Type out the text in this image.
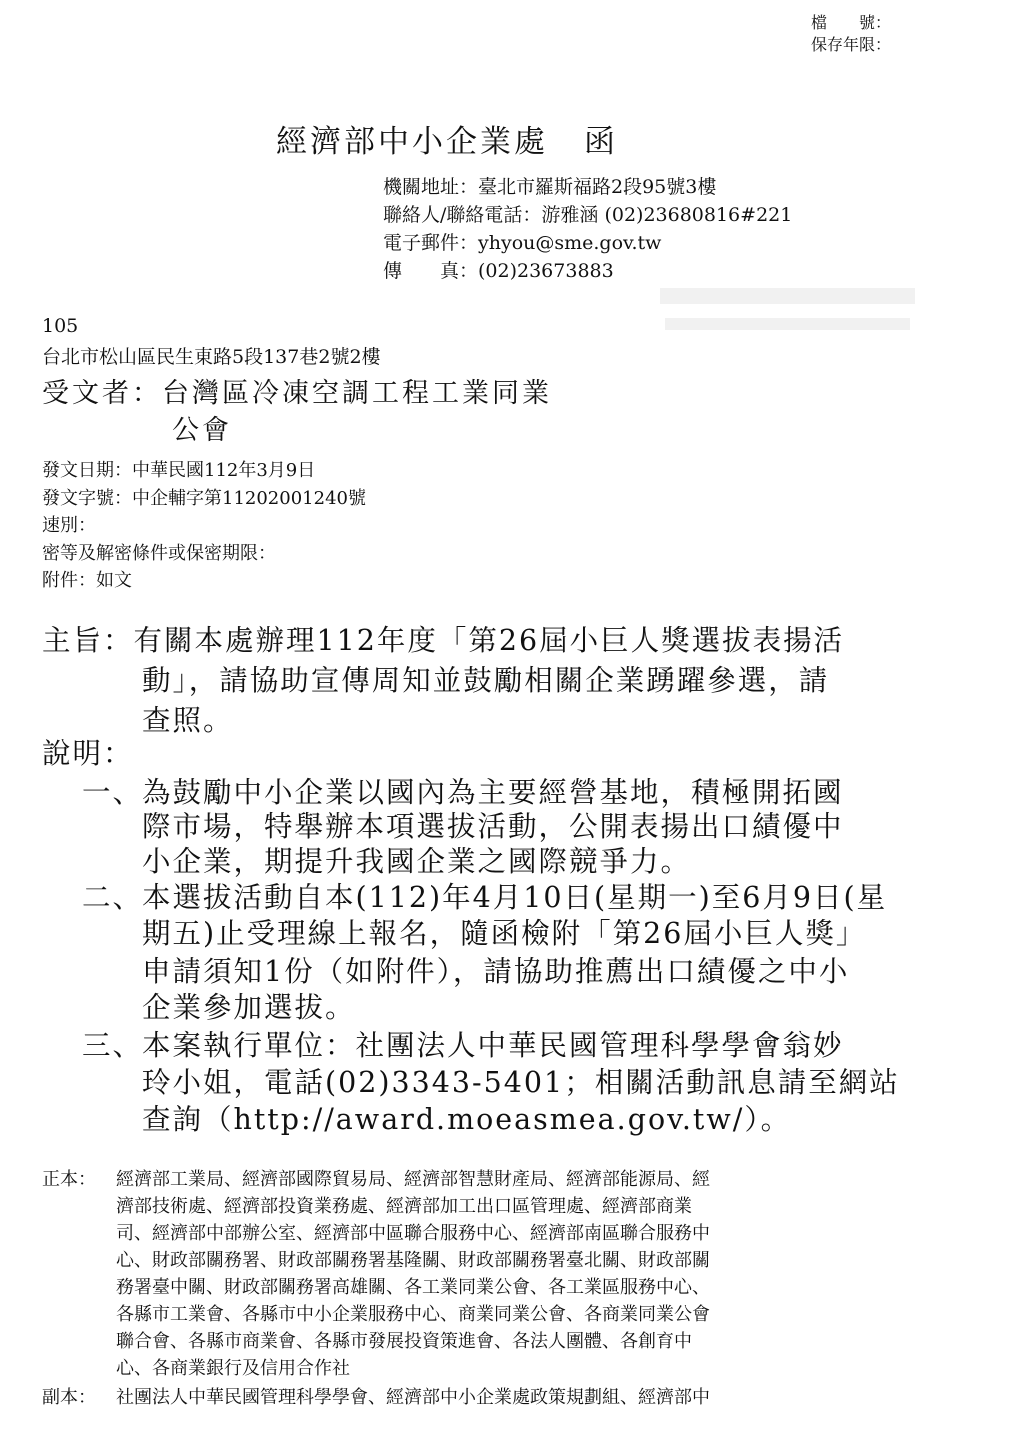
檔　　號：
保存年限：
經濟部中小企業處 函
機關地址：臺北市羅斯福路2段95號3樓
聯絡人/聯絡電話：游雅涵 (02)23680816#221
電子郵件：yhyou@sme.gov.tw
傳　　真：(02)23673883
105
台北市松山區民生東路5段137巷2號2樓
受文者：台灣區冷凍空調工程工業同業
公會
發文日期：中華民國112年3月9日
發文字號：中企輔字第11202001240號
速別：
密等及解密條件或保密期限：
附件：如文
主旨：有關本處辦理112年度「第26屆小巨人獎選拔表揚活
動」，請協助宣傳周知並鼓勵相關企業踴躍參選，請
查照。
說明：
一、
為鼓勵中小企業以國內為主要經營基地，積極開拓國
際市場，特舉辦本項選拔活動，公開表揚出口績優中
小企業，期提升我國企業之國際競爭力。
二、
本選拔活動自本(112)年4月10日(星期一)至6月9日(星
期五)止受理線上報名，隨函檢附「第26屆小巨人獎」
申請須知1份（如附件），請協助推薦出口績優之中小
企業參加選拔。
三、
本案執行單位：社團法人中華民國管理科學學會翁妙
玲小姐，電話(02)3343-5401；相關活動訊息請至網站
查詢（http://award.moeasmea.gov.tw/）。
正本： 經濟部工業局、經濟部國際貿易局、經濟部智慧財產局、經濟部能源局、經
濟部技術處、經濟部投資業務處、經濟部加工出口區管理處、經濟部商業
司、經濟部中部辦公室、經濟部中區聯合服務中心、經濟部南區聯合服務中
心、財政部關務署、財政部關務署基隆關、財政部關務署臺北關、財政部關
務署臺中關、財政部關務署高雄關、各工業同業公會、各工業區服務中心、
各縣市工業會、各縣市中小企業服務中心、商業同業公會、各商業同業公會
聯合會、各縣市商業會、各縣市發展投資策進會、各法人團體、各創育中
心、各商業銀行及信用合作社
副本： 社團法人中華民國管理科學學會、經濟部中小企業處政策規劃組、經濟部中
